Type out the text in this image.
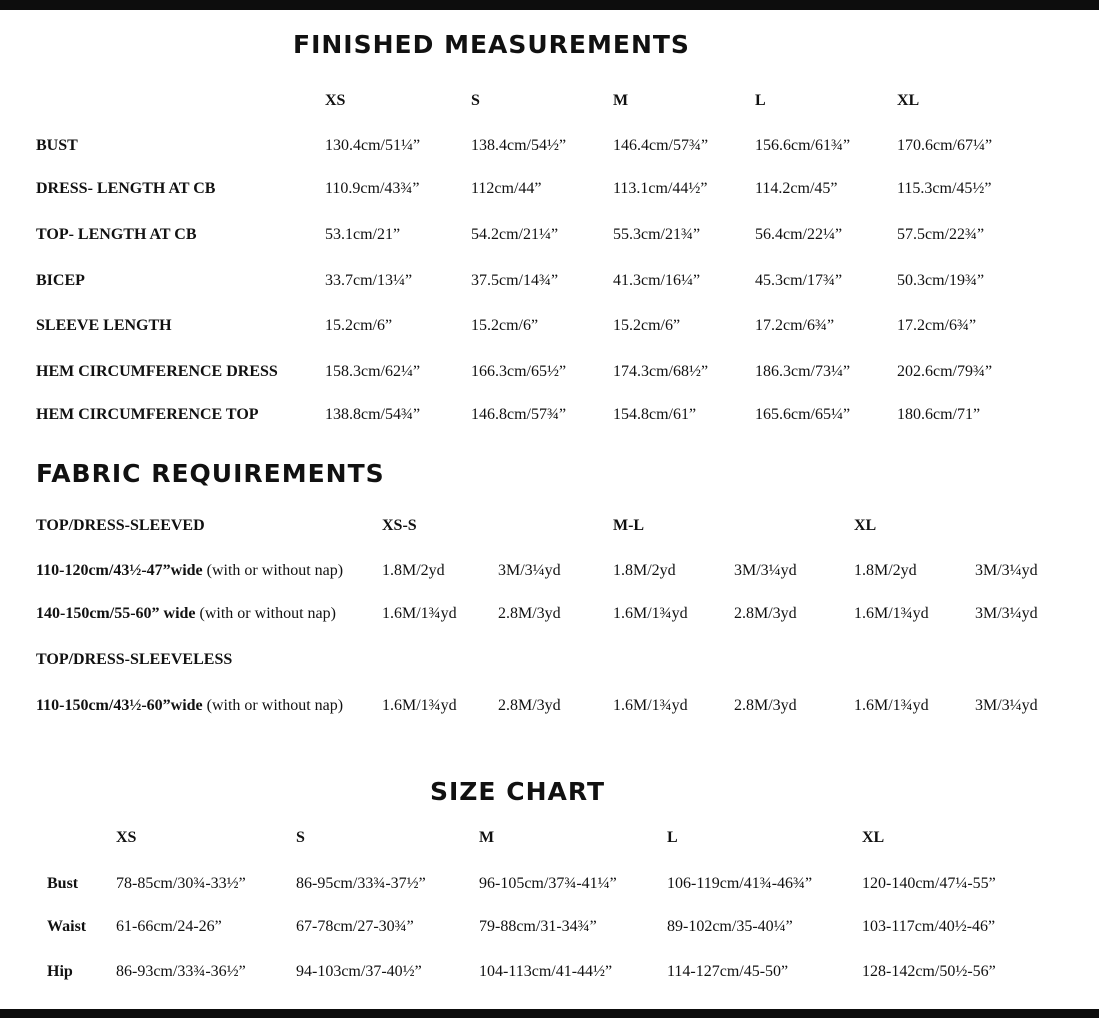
FINISHED MEASUREMENTS
XS	S	M	L	XL
BUST	130.4cm/51¼”	138.4cm/54½”	146.4cm/57¾”	156.6cm/61¾”	170.6cm/67¼”
DRESS- LENGTH AT CB	110.9cm/43¾”	112cm/44”	113.1cm/44½”	114.2cm/45”	115.3cm/45½”
TOP- LENGTH AT CB	53.1cm/21”	54.2cm/21¼”	55.3cm/21¾”	56.4cm/22¼”	57.5cm/22¾”
BICEP	33.7cm/13¼”	37.5cm/14¾”	41.3cm/16¼”	45.3cm/17¾”	50.3cm/19¾”
SLEEVE LENGTH	15.2cm/6”	15.2cm/6”	15.2cm/6”	17.2cm/6¾”	17.2cm/6¾”
HEM CIRCUMFERENCE DRESS	158.3cm/62¼”	166.3cm/65½”	174.3cm/68½”	186.3cm/73¼”	202.6cm/79¾”
HEM CIRCUMFERENCE TOP	138.8cm/54¾”	146.8cm/57¾”	154.8cm/61”	165.6cm/65¼”	180.6cm/71”
FABRIC REQUIREMENTS
TOP/DRESS-SLEEVED	XS-S	M-L	XL
110-120cm/43½-47”wide (with or without nap) 1.8M/2yd	3M/3¼yd	1.8M/2yd	3M/3¼yd	1.8M/2yd	3M/3¼yd
140-150cm/55-60” wide (with or without nap)	1.6M/1¾yd	2.8M/3yd	1.6M/1¾yd	2.8M/3yd	1.6M/1¾yd	3M/3¼yd
TOP/DRESS-SLEEVELESS
110-150cm/43½-60”wide (with or without nap) 1.6M/1¾yd	2.8M/3yd	1.6M/1¾yd	2.8M/3yd	1.6M/1¾yd	3M/3¼yd
SIZE CHART
XS	S	M	L	XL
Bust 78-85cm/30¾-33½”	86-95cm/33¾-37½”	96-105cm/37¾-41¼”	106-119cm/41¾-46¾”	120-140cm/47¼-55”
Waist 61-66cm/24-26”	67-78cm/27-30¾”	79-88cm/31-34¾”	89-102cm/35-40¼”	103-117cm/40½-46”
Hip	86-93cm/33¾-36½”	94-103cm/37-40½”	104-113cm/41-44½”	114-127cm/45-50”	128-142cm/50½-56”
